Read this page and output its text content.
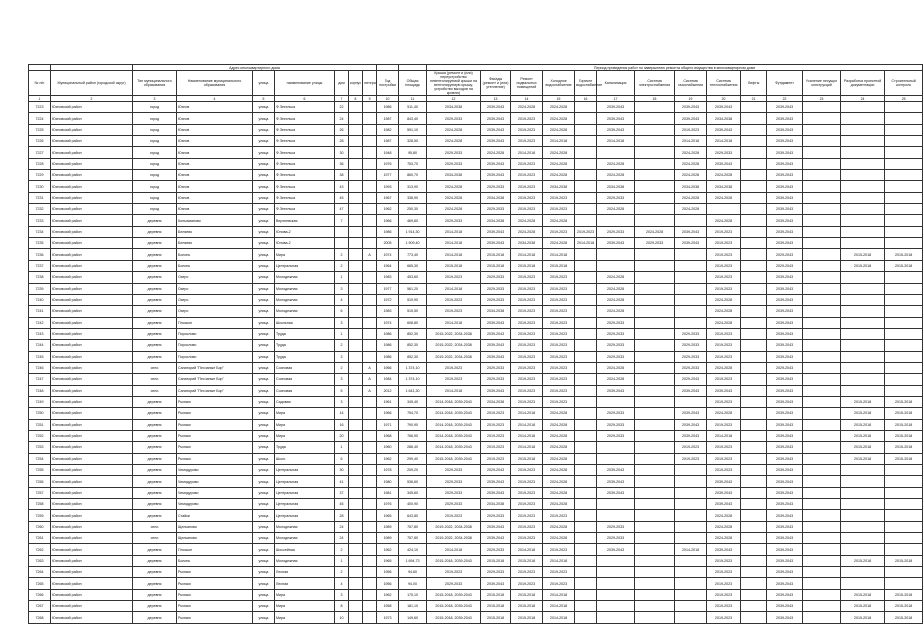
		Адрес многоквартирного дома									Период проведения работ по завершению ремонта общего имущества в многоквартирном доме													
№ п/п	Муниципальный район (городской округ)	Тип муниципального образования	Наименование муниципального образования	улица	наименование улицы	дом	корпус	литера	Год постройки	Общая площадь	Крыша (ремонт и (или) переустройство невентилируемой крыши на вентилируемую крышу, устройство выходов на кровлю)	Фасады (ремонт и (или) утепление)	Ремонт подвальных помещений	Холодное водоснабжение	Горячее водоснабжение	Канализация	Система электроснабжения	Система газоснабжения	Система теплоснабжения	Лифты	Фундамент	Усиление несущих конструкций	Разработка проектной документации	Строительный контроль
1	2	3	4	5	6	7	8	9	10	11	12	13	14	15	16	17	18	19	20	21	22	23	24	25
7223	Юхновский район	город	Юхнов	улица	Ф.Энгельса	22			1986	511,40	2034-2038	2039-2043	2024-2028	2024-2028		2039-2043		2039-2043	2039-2043		2039-2043			
7224	Юхновский район	город	Юхнов	улица	Ф.Энгельса	24			1987	843,40	2029-2033	2039-2043	2019-2023	2024-2028		2039-2043		2039-2043	2034-2038		2039-2043			
7225	Юхновский район	город	Юхнов	улица	Ф.Энгельса	26			1982	591,10	2024-2028	2039-2043	2019-2023	2024-2028		2039-2043		2019-2023	2039-2043		2039-2043			
7226	Юхновский район	город	Юхнов	улица	Ф.Энгельса	28			1987	328,50	2024-2028	2039-2043	2019-2023	2014-2018		2014-2018		2014-2018	2014-2018		2039-2043			
7227	Юхновский район	город	Юхнов	улица	Ф.Энгельса	30			1948	95,80	2029-2033	2024-2028	2014-2018	2024-2028				2024-2028	2029-2033		2039-2043			
7228	Юхновский район	город	Юхнов	улица	Ф.Энгельса	36			1976	753,70	2029-2033	2039-2043	2019-2023	2024-2028		2024-2028		2024-2028	2039-2043		2039-2043			
7229	Юхновский район	город	Юхнов	улица	Ф.Энгельса	38			1977	860,70	2034-2038	2039-2043	2019-2023	2024-2028		2024-2028		2024-2028	2024-2028		2039-2043			
7230	Юхновский район	город	Юхнов	улица	Ф.Энгельса	43			1993	313,90	2024-2028	2029-2033	2019-2023	2034-2038		2034-2038		2034-2038	2034-2038		2039-2043			
7231	Юхновский район	город	Юхнов	улица	Ф.Энгельса	45			1967	338,90	2024-2028	2034-2038	2019-2023	2019-2023		2029-2033		2024-2028	2024-2028		2039-2043			
7232	Юхновский район	город	Юхнов	улица	Ф.Энгельса	47			1962	250,30	2024-2028	2029-2033	2019-2023	2019-2023		2024-2028		2024-2028			2039-2043			
7233	Юхновский район	деревня	Колыхманово	улица	Верхневская	7			1966	469,60	2029-2033	2034-2038	2024-2028	2024-2028					2024-2028		2039-2043			
7234	Юхновский район	деревня	Беляево	улица	Юнова-2				1986	1 914,30	2014-2018	2039-2043	2024-2028	2019-2023	2019-2023	2029-2033	2024-2028	2039-2043	2019-2023		2039-2043			
7235	Юхновский район	деревня	Беляево	улица	Юнова-2				2005	1 909,40	2014-2018	2039-2043	2034-2038	2024-2028	2014-2018	2039-2043	2029-2033	2039-2043	2019-2023		2039-2043			
7236	Юхновский район	деревня	Болонь	улица	Мира	2		А	1974	773,40	2014-2018	2015-2018	2014-2018	2014-2018					2019-2023		2029-2043		2015-2018	2015-2018
7237	Юхновский район	деревня	Болонь	улица	Центральная	2			1964	665,30	2015-2018	2015-2018	2015-2018	2015-2018					2019-2023		2029-2043		2015-2018	2015-2018
7238	Юхновский район	деревня	Озеро	улица	Молодежная	1			1983	453,60	2019-2023	2029-2033	2019-2023	2019-2023		2024-2028			2019-2023		2039-2043			
7239	Юхновский район	деревня	Озеро	улица	Молодежная	3			1977	561,20	2014-2018	2029-2033	2019-2023	2019-2023		2024-2028			2019-2023		2039-2043			
7240	Юхновский район	деревня	Озеро	улица	Молодежная	4			1972	519,90	2019-2023	2029-2033	2019-2023	2019-2023		2024-2028			2024-2028		2039-2043			
7241	Юхновский район	деревня	Озеро	улица	Молодежная	6			1983	515,50	2019-2023	2034-2038	2019-2023	2019-2023		2024-2028			2024-2028		2039-2043			
7242	Юхновский район	деревня	Плоское	улица	Школьная	3			1974	608,80	2014-2018	2039-2043	2019-2023	2019-2023		2029-2033			2024-2028		2039-2043			
7243	Юхновский район	деревня	Порослово	улица	Труда	1			1986	852,30	2015-2022, 2034-2038	2039-2043	2019-2023	2019-2023		2029-2033		2029-2033	2019-2023		2039-2043			
7244	Юхновский район	деревня	Порослово	улица	Труда	2			1986	852,30	2015-2022, 2034-2038	2039-2043	2019-2023	2019-2023		2029-2033		2029-2033	2019-2023		2039-2043			
7245	Юхновский район	деревня	Порослово	улица	Труда	3			1986	852,30	2019-2022, 2034-2038	2039-2043	2019-2023	2019-2023		2029-2033		2029-2033	2019-2023		2039-2043			
7246	Юхновский район	село	Санаторий "Песчаные Бор"	улица	Сосновая	2		А	1966	1 374,10	2019-2023	2029-2033	2019-2023	2019-2023		2024-2028		2029-2033	2024-2028		2029-2043			
7247	Юхновский район	село	Санаторий "Песчаные Бор"	улица	Сосновая	3		А	1984	1 374,10	2019-2023	2029-2033	2019-2023	2019-2023		2024-2028		2029-2043	2019-2023		2039-2043			
7248	Юхновский район	село	Санаторий "Песчаные Бор"	улица	Сосновая	5		А	2012	1 641,30	2014-2018	2039-2043	2019-2023	2019-2023		2039-2043		2039-2043	2039-2043		2039-2043			
7249	Юхновский район	деревня	Рыляки	улица	Садовая	3			1961	345,40	2014-2018, 2039-2043	2034-2038	2019-2023	2019-2023					2019-2023		2039-2043		2015-2018	2015-2018
7250	Юхновский район	деревня	Рыляки	улица	Мира	14			1966	754,70	2014-2018, 2039-2043	2019-2023	2014-2018	2024-2028		2029-2033		2039-2043	2024-2028		2039-2043		2015-2018	2015-2018
7251	Юхновский район	деревня	Рыляки	улица	Мира	16			1971	790,90	2014-2018, 2039-2043	2019-2023	2014-2018	2024-2028		2029-2033		2039-2043	2019-2023		2039-2043		2015-2018	2015-2018
7252	Юхновский район	деревня	Рыляки	улица	Мира	20			1968	766,90	2014-2018, 2039-2043	2019-2023	2014-2018	2024-2028		2029-2033		2039-2043	2014-2018		2039-2043		2015-2018	2015-2018
7253	Юхновский район	деревня	Рыляки	улица	Труда	1			1960	286,40	2014-2018, 2039-2043	2019-2023	2014-2018	2024-2028				2019-2023	2019-2023		2039-2043		2015-2018	2015-2018
7254	Юхновский район	деревня	Рыляки	улица	Школ.	6			1962	299,40	2015-2018, 2039-2043	2019-2023	2015-2018	2024-2028				2019-2023	2019-2023		2039-2043		2015-2018	2015-2018
7255	Юхновский район	деревня	Чемодурово	улица	Центральная	30			1978	209,20	2029-2033	2029-2043	2019-2023	2024-2028		2039-2043			2019-2023		2039-2043			
7256	Юхновский район	деревня	Чемодурово	улица	Центральная	41			1980	536,60	2029-2033	2039-2043	2019-2023	2024-2028		2039-2043			2039-2043		2039-2043			
7257	Юхновский район	деревня	Чемодурово	улица	Центральная	37			1981	345,60	2029-2033	2039-2043	2019-2023	2024-2028		2039-2043			2039-2043		2039-2043			
7258	Юхновский район	деревня	Чемодурово	улица	Центральная	45			1976	400,90	2029-2033	2034-2038	2019-2023	2024-2028					2039-2043		2039-2043			
7259	Юхновский район	деревня	Стайки	улица	Центральная	28			1965	643,80	2019-2023	2029-2033	2019-2023	2019-2023					2024-2028		2039-2043			
7260	Юхновский район	село	Щелканово	улица	Молодежная	24			1989	757,80	2019-2022, 2034-2038	2039-2043	2019-2023	2024-2028		2029-2033			2024-2028		2039-2043			
7261	Юхновский район	село	Щелканово	улица	Молодежная	24			1989	757,80	2019-2022, 2034-2038	2039-2043	2019-2023	2024-2028		2029-2033			2024-2028		2039-2043			
7262	Юхновский район	деревня	Плоское	улица	Шоссейная	2			1962	424,10	2014-2018	2029-2033	2014-2018	2019-2023		2039-2043		2014-2018	2039-2043		2039-2043			
7263	Юхновский район	деревня	Болонь	улица	Молодежная	1			1965	1 694,73	2015-2018, 2039-2043	2015-2018	2015-2018	2014-2018					2019-2023		2039-2043		2015-2018	2015-2018
7264	Юхновский район	деревня	Рыляки	улица	Лесная	2			1956	94,60	2019-2023	2029-2033	2019-2023	2019-2023					2019-2023		2039-2043			
7265	Юхновский район	деревня	Рыляки	улица	Лесная	4			1956	94,00	2029-2033	2039-2043	2019-2023	2019-2023					2019-2023		2039-2043			
7266	Юхновский район	деревня	Рыляки	улица	Мира	3			1962	175,10	2015-2018, 2039-2043	2015-2018	2015-2018	2014-2018					2019-2023		2039-2043		2015-2018	2015-2018
7267	Юхновский район	деревня	Рыляки	улица	Мира	8			1958	181,10	2015-2018, 2039-2043	2015-2018	2015-2018	2014-2018					2019-2023		2039-2043		2015-2018	2015-2018
7268	Юхновский район	деревня	Рыляки	улица	Мира	10			1973	149,60	2015-2018, 2039-2043	2015-2018	2015-2018	2014-2018					2019-2023		2039-2043		2015-2018	2015-2018
